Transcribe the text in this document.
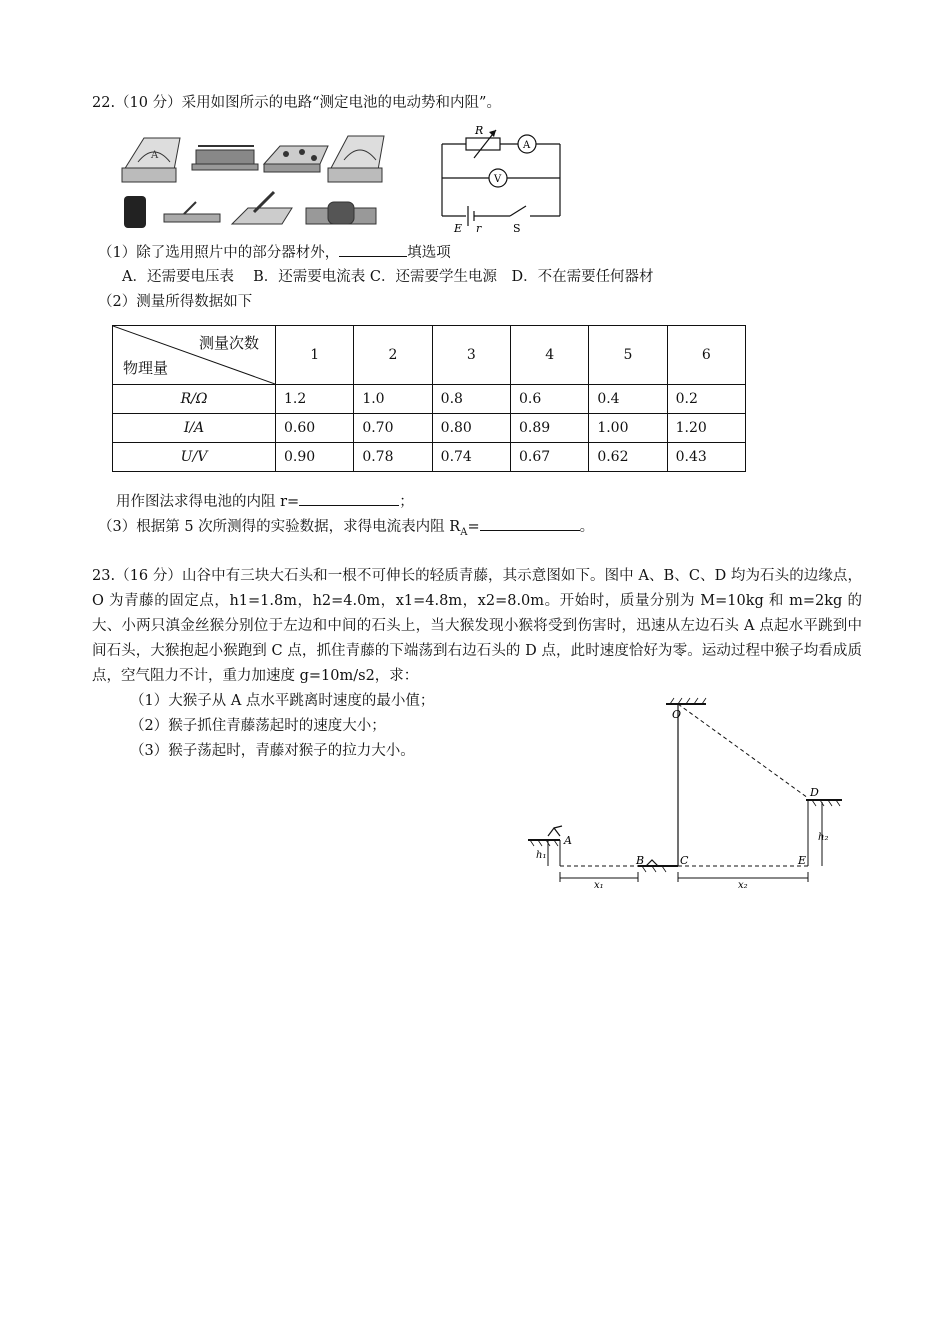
22.（10 分）采用如图所示的电路“测定电池的电动势和内阻”。
A
R
A
V
E r	S
（1）除了选用照片中的部分器材外，	填选项
A．还需要电压表　 B．还需要电流表 C．还需要学生电源　D．不在需要任何器材
（2）测量所得数据如下
测量次数
物理量	1	2	3	4	5	6
R/Ω	1.2	1.0	0.8	0.6	0.4	0.2
I/A	0.60	0.70	0.80	0.89	1.00	1.20
U/V	0.90	0.78	0.74	0.67	0.62	0.43
用作图法求得电池的内阻 r=	；
（3）根据第 5 次所测得的实验数据，求得电流表内阻 $R_A=$	。
23.（16 分）山谷中有三块大石头和一根不可伸长的轻质青藤，其示意图如下。图中 A、B、C、D 均为石头的边缘点，O 为青藤的固定点，h1=1.8m，h2=4.0m，x1=4.8m，x2=8.0m。开始时，质量分别为 M=10kg 和 m=2kg 的大、小两只滇金丝猴分别位于左边和中间的石头上，当大猴发现小猴将受到伤害时，迅速从左边石头 A 点起水平跳到中间石头，大猴抱起小猴跑到 C 点，抓住青藤的下端荡到右边石头的 D 点，此时速度恰好为零。运动过程中猴子均看成质点，空气阻力不计，重力加速度 g=10m/s2，求：
（1）大猴子从 A 点水平跳离时速度的最小值；
（2）猴子抓住青藤荡起时的速度大小；
（3）猴子荡起时，青藤对猴子的拉力大小。
O
A
B	C
D
E
h₁
h₂
x₁	x₂
